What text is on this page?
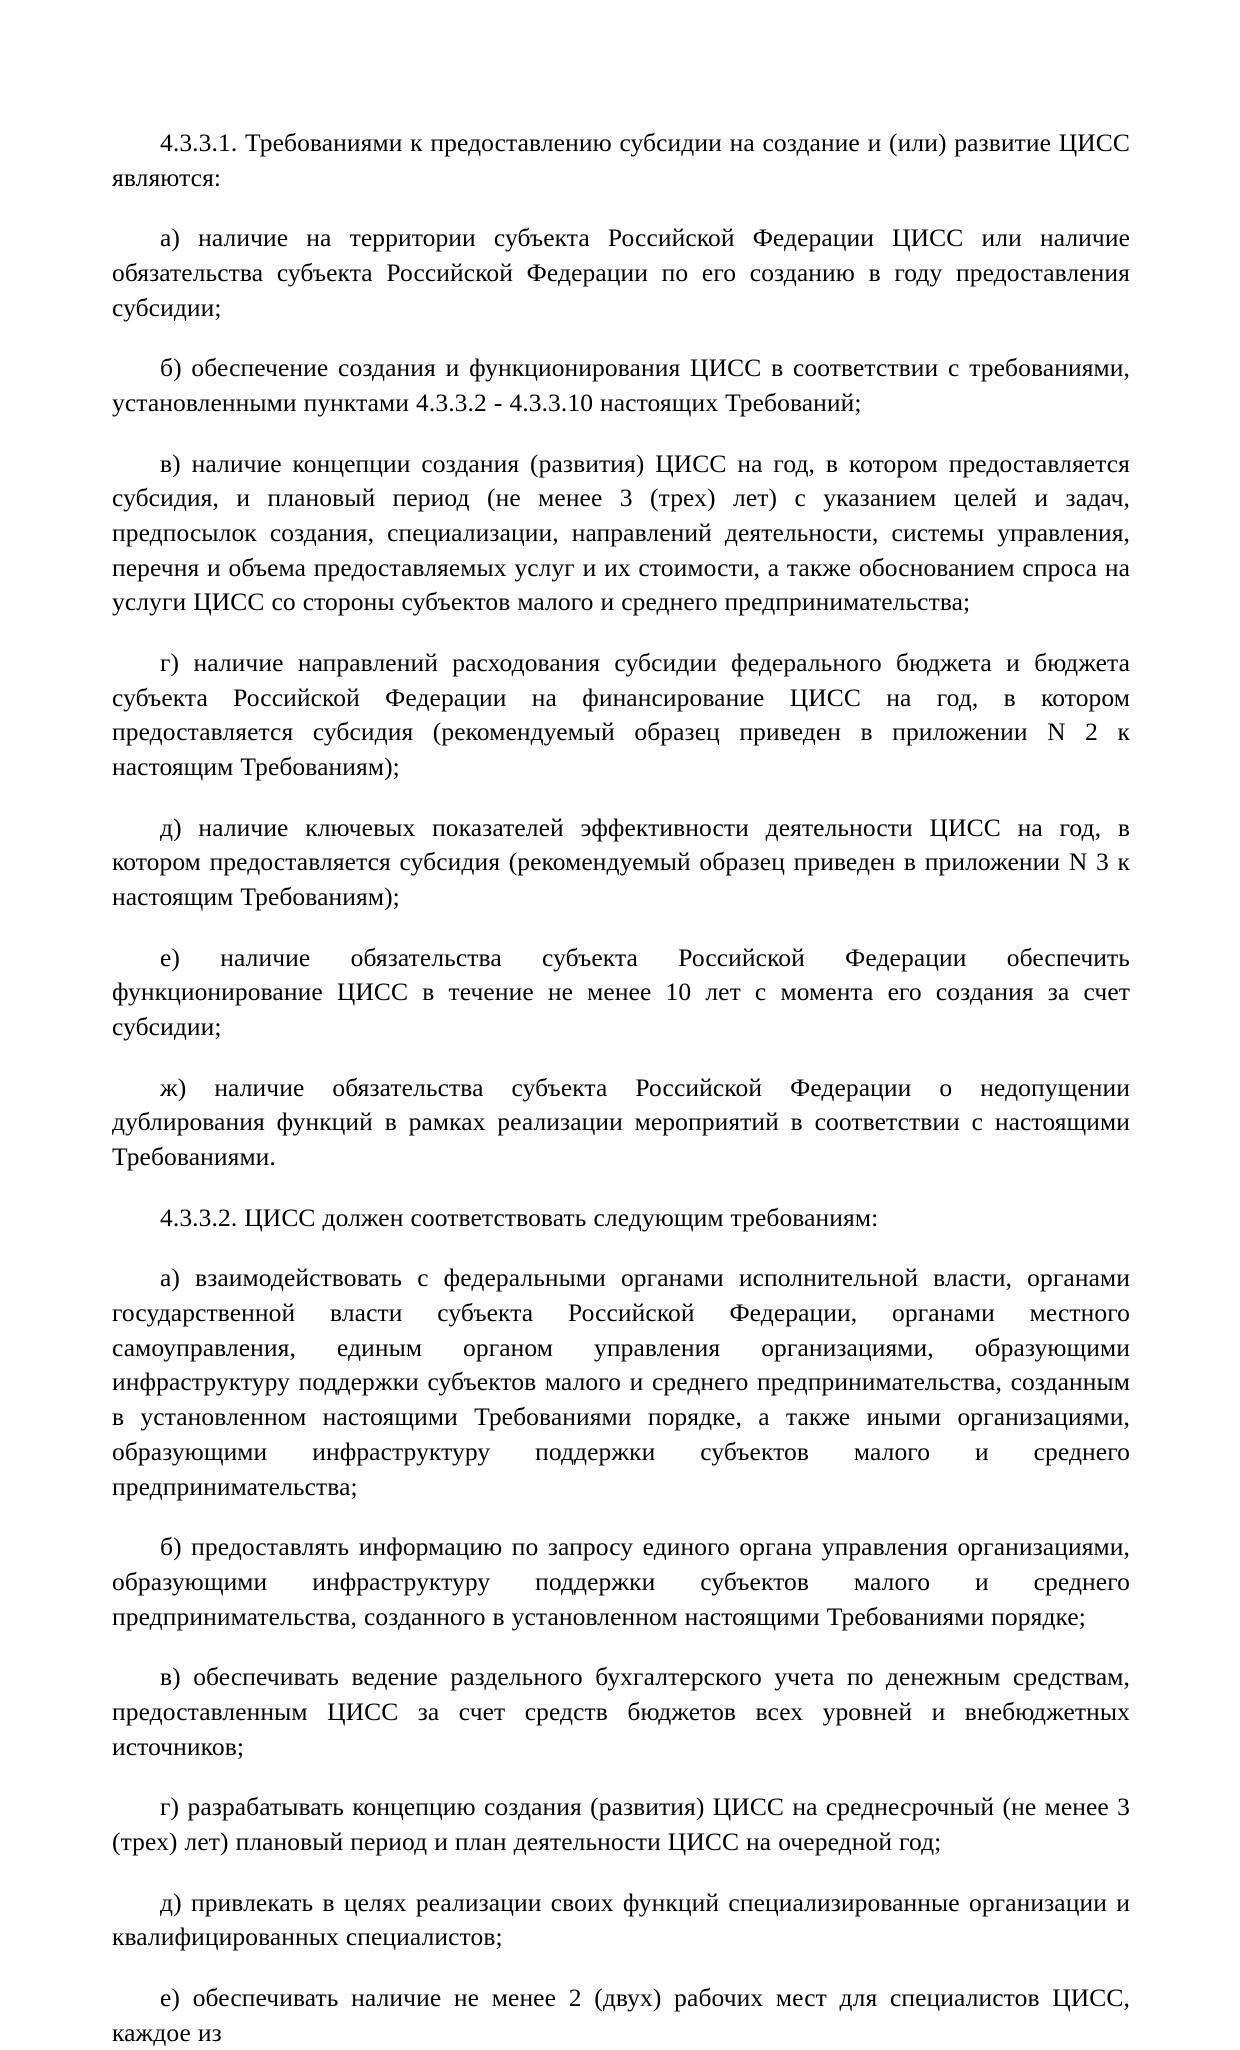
4.3.3.1. Требованиями к предоставлению субсидии на создание и (или) развитие ЦИСС являются:

а) наличие на территории субъекта Российской Федерации ЦИСС или наличие обязательства субъекта Российской Федерации по его созданию в году предоставления субсидии;

б) обеспечение создания и функционирования ЦИСС в соответствии с требованиями, установленными пунктами 4.3.3.2 - 4.3.3.10 настоящих Требований;

в) наличие концепции создания (развития) ЦИСС на год, в котором предоставляется субсидия, и плановый период (не менее 3 (трех) лет) с указанием целей и задач, предпосылок создания, специализации, направлений деятельности, системы управления, перечня и объема предоставляемых услуг и их стоимости, а также обоснованием спроса на услуги ЦИСС со стороны субъектов малого и среднего предпринимательства;

г) наличие направлений расходования субсидии федерального бюджета и бюджета субъекта Российской Федерации на финансирование ЦИСС на год, в котором предоставляется субсидия (рекомендуемый образец приведен в приложении N 2 к настоящим Требованиям);

д) наличие ключевых показателей эффективности деятельности ЦИСС на год, в котором предоставляется субсидия (рекомендуемый образец приведен в приложении N 3 к настоящим Требованиям);

е) наличие обязательства субъекта Российской Федерации обеспечить функционирование ЦИСС в течение не менее 10 лет с момента его создания за счет субсидии;

ж) наличие обязательства субъекта Российской Федерации о недопущении дублирования функций в рамках реализации мероприятий в соответствии с настоящими Требованиями.

4.3.3.2. ЦИСС должен соответствовать следующим требованиям:

а) взаимодействовать с федеральными органами исполнительной власти, органами государственной власти субъекта Российской Федерации, органами местного самоуправления, единым органом управления организациями, образующими инфраструктуру поддержки субъектов малого и среднего предпринимательства, созданным в установленном настоящими Требованиями порядке, а также иными организациями, образующими инфраструктуру поддержки субъектов малого и среднего предпринимательства;

б) предоставлять информацию по запросу единого органа управления организациями, образующими инфраструктуру поддержки субъектов малого и среднего предпринимательства, созданного в установленном настоящими Требованиями порядке;

в) обеспечивать ведение раздельного бухгалтерского учета по денежным средствам, предоставленным ЦИСС за счет средств бюджетов всех уровней и внебюджетных источников;

г) разрабатывать концепцию создания (развития) ЦИСС на среднесрочный (не менее 3 (трех) лет) плановый период и план деятельности ЦИСС на очередной год;

д) привлекать в целях реализации своих функций специализированные организации и квалифицированных специалистов;

е) обеспечивать наличие не менее 2 (двух) рабочих мест для специалистов ЦИСС, каждое из
